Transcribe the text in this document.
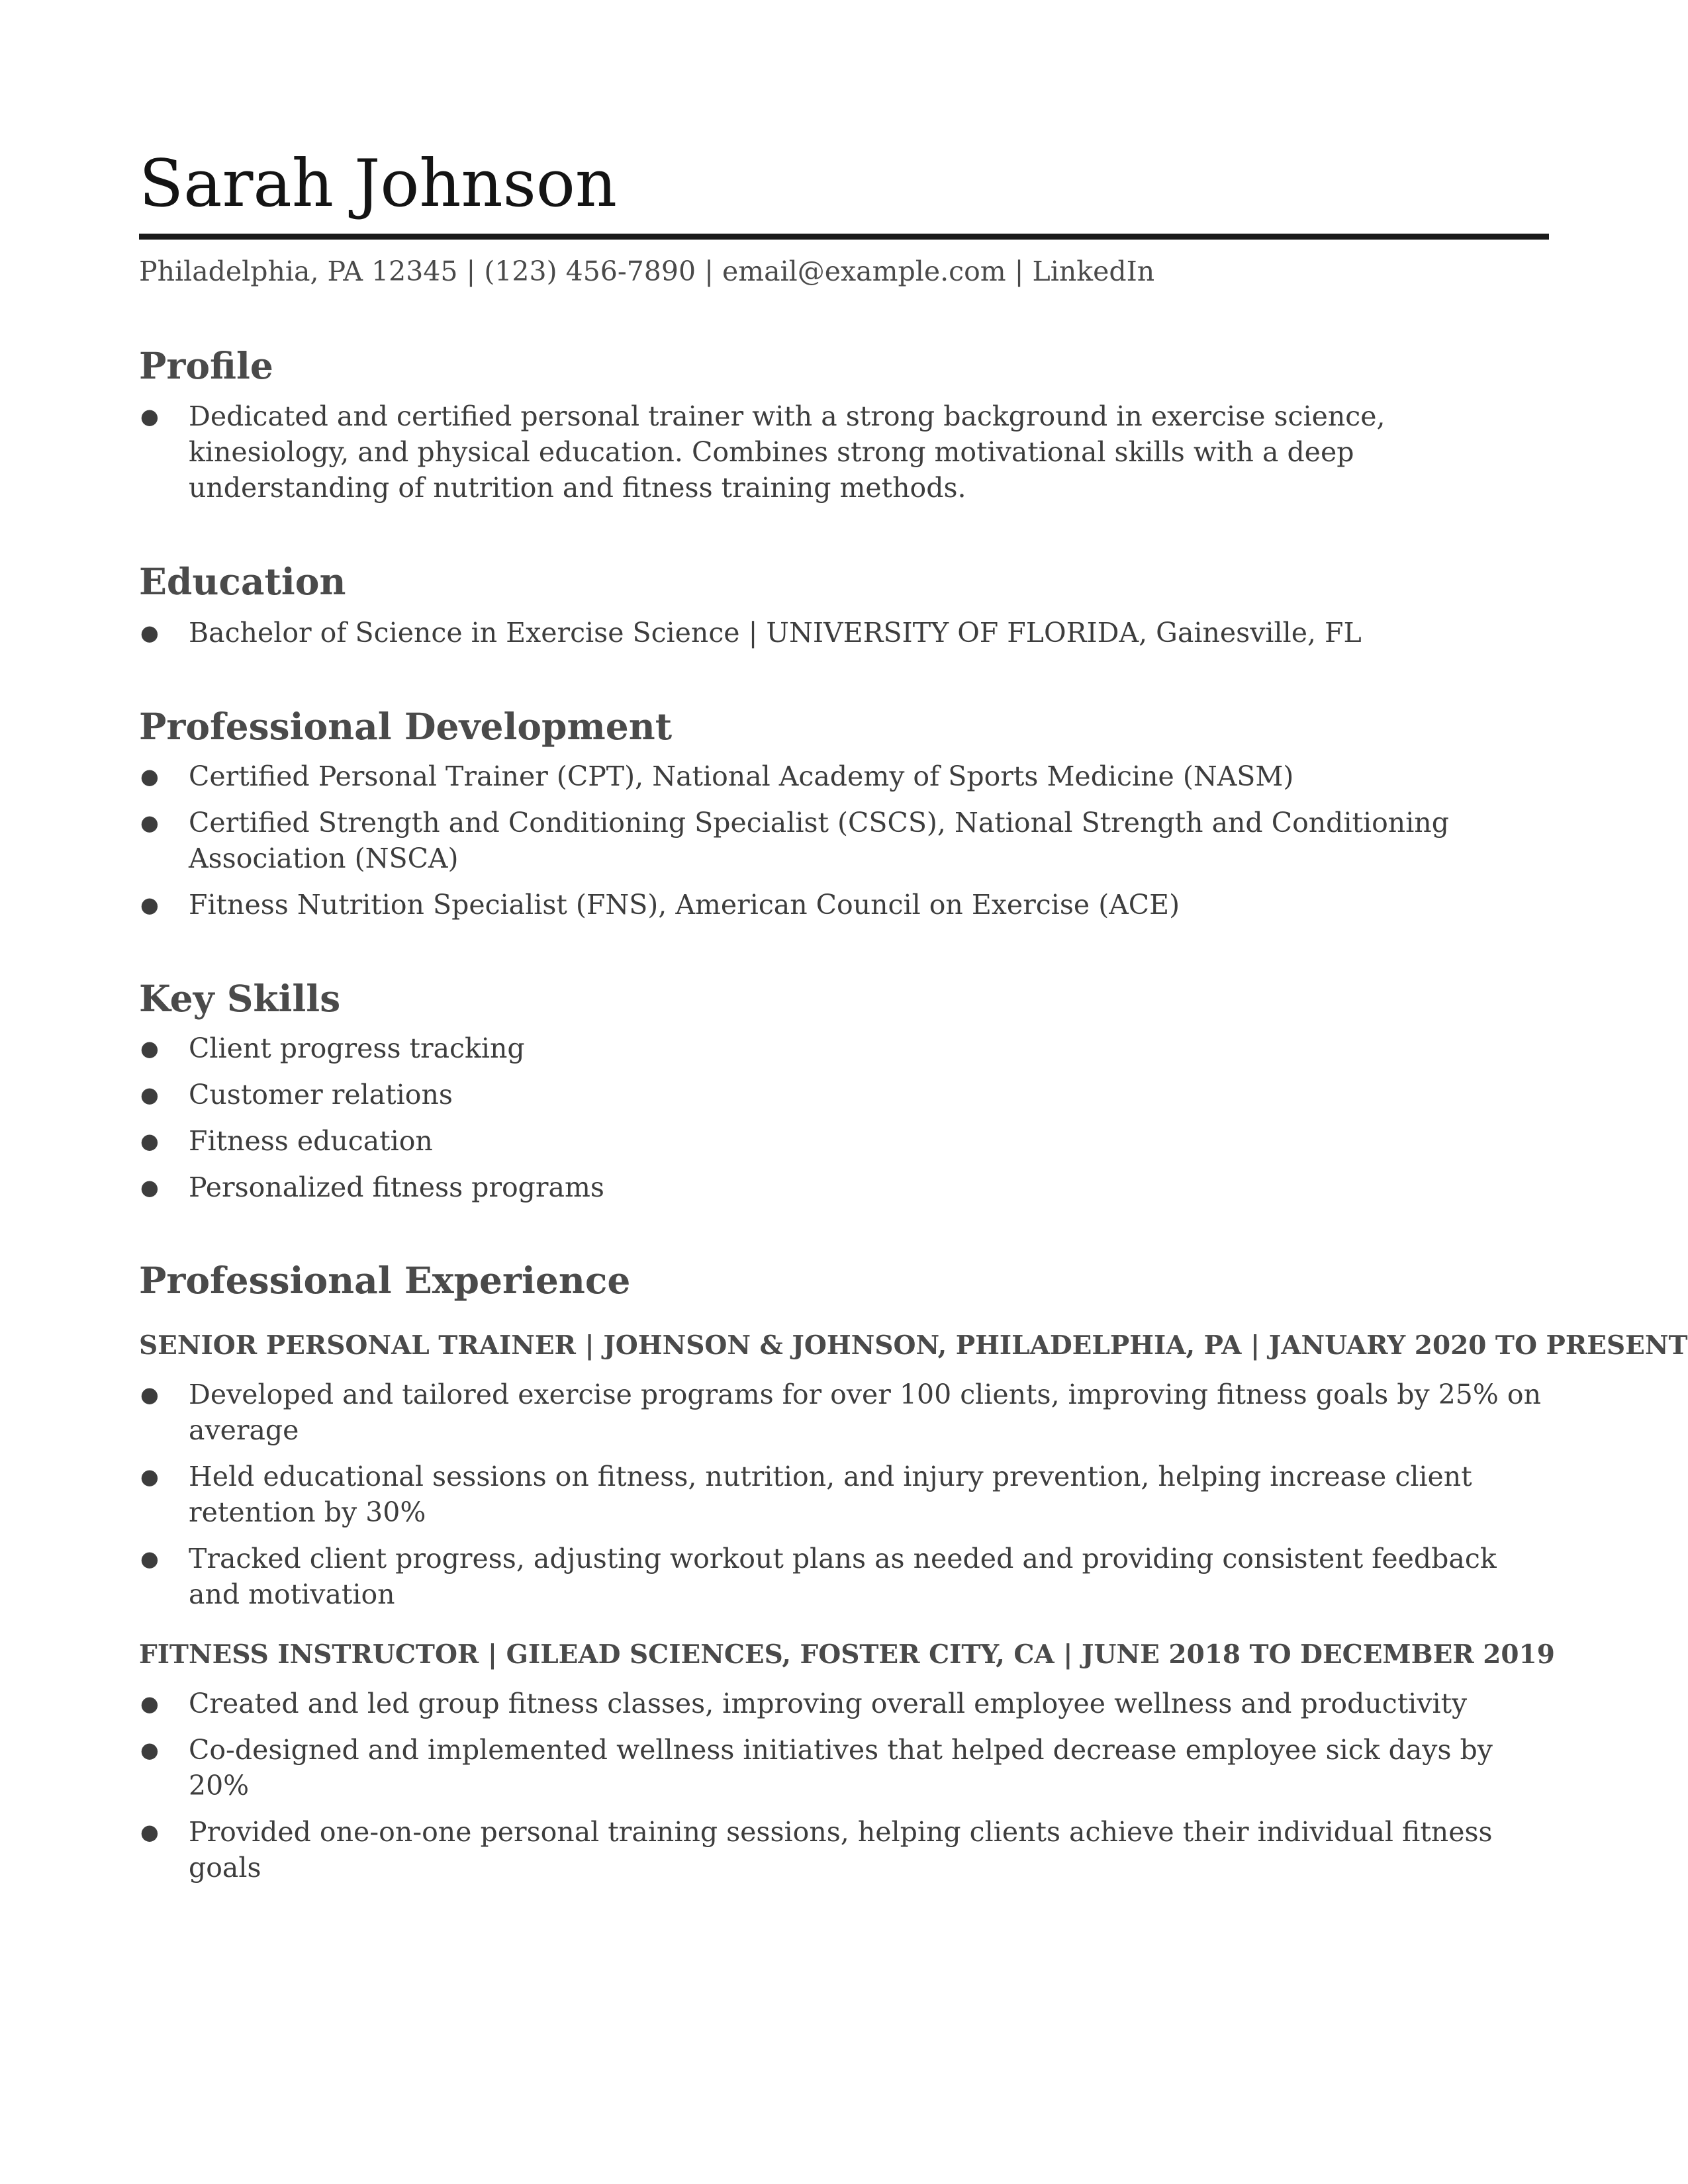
Sarah Johnson
Philadelphia, PA 12345 | (123) 456-7890 | email@example.com | LinkedIn
Profile
● Dedicated and certified personal trainer with a strong background in exercise science, kinesiology, and physical education. Combines strong motivational skills with a deep understanding of nutrition and fitness training methods.
Education
● Bachelor of Science in Exercise Science | UNIVERSITY OF FLORIDA, Gainesville, FL
Professional Development
● Certified Personal Trainer (CPT), National Academy of Sports Medicine (NASM)
● Certified Strength and Conditioning Specialist (CSCS), National Strength and Conditioning Association (NSCA)
● Fitness Nutrition Specialist (FNS), American Council on Exercise (ACE)
Key Skills
● Client progress tracking
● Customer relations
● Fitness education
● Personalized fitness programs
Professional Experience
SENIOR PERSONAL TRAINER | JOHNSON & JOHNSON, PHILADELPHIA, PA | JANUARY 2020 TO PRESENT
● Developed and tailored exercise programs for over 100 clients, improving fitness goals by 25% on average
● Held educational sessions on fitness, nutrition, and injury prevention, helping increase client retention by 30%
● Tracked client progress, adjusting workout plans as needed and providing consistent feedback and motivation
FITNESS INSTRUCTOR | GILEAD SCIENCES, FOSTER CITY, CA | JUNE 2018 TO DECEMBER 2019
● Created and led group fitness classes, improving overall employee wellness and productivity
● Co-designed and implemented wellness initiatives that helped decrease employee sick days by 20%
● Provided one-on-one personal training sessions, helping clients achieve their individual fitness goals
